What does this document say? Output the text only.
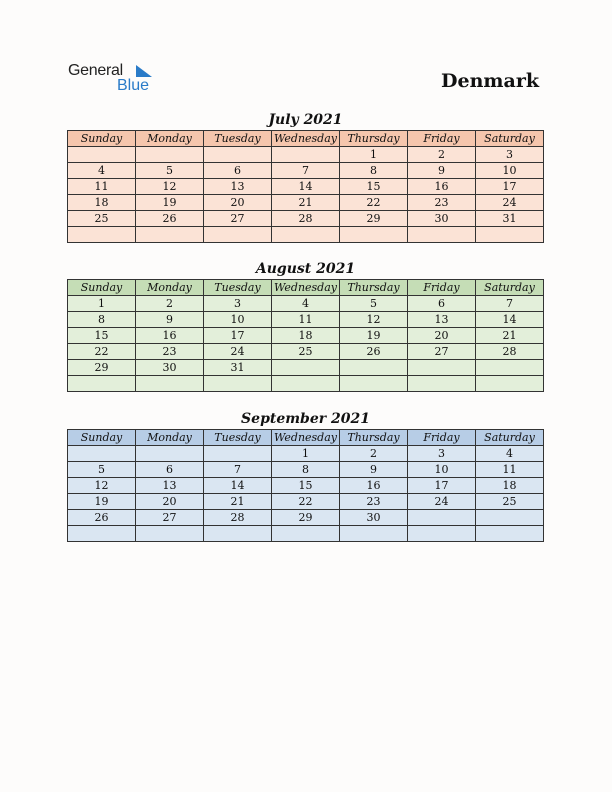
General
Blue	Denmark
July 2021
Sunday	Monday	Tuesday	Wednesday	Thursday	Friday	Saturday
				1	2	3
4	5	6	7	8	9	10
11	12	13	14	15	16	17
18	19	20	21	22	23	24
25	26	27	28	29	30	31

August 2021
Sunday	Monday	Tuesday	Wednesday	Thursday	Friday	Saturday
1	2	3	4	5	6	7
8	9	10	11	12	13	14
15	16	17	18	19	20	21
22	23	24	25	26	27	28
29	30	31				

September 2021
Sunday	Monday	Tuesday	Wednesday	Thursday	Friday	Saturday
			1	2	3	4
5	6	7	8	9	10	11
12	13	14	15	16	17	18
19	20	21	22	23	24	25
26	27	28	29	30		
